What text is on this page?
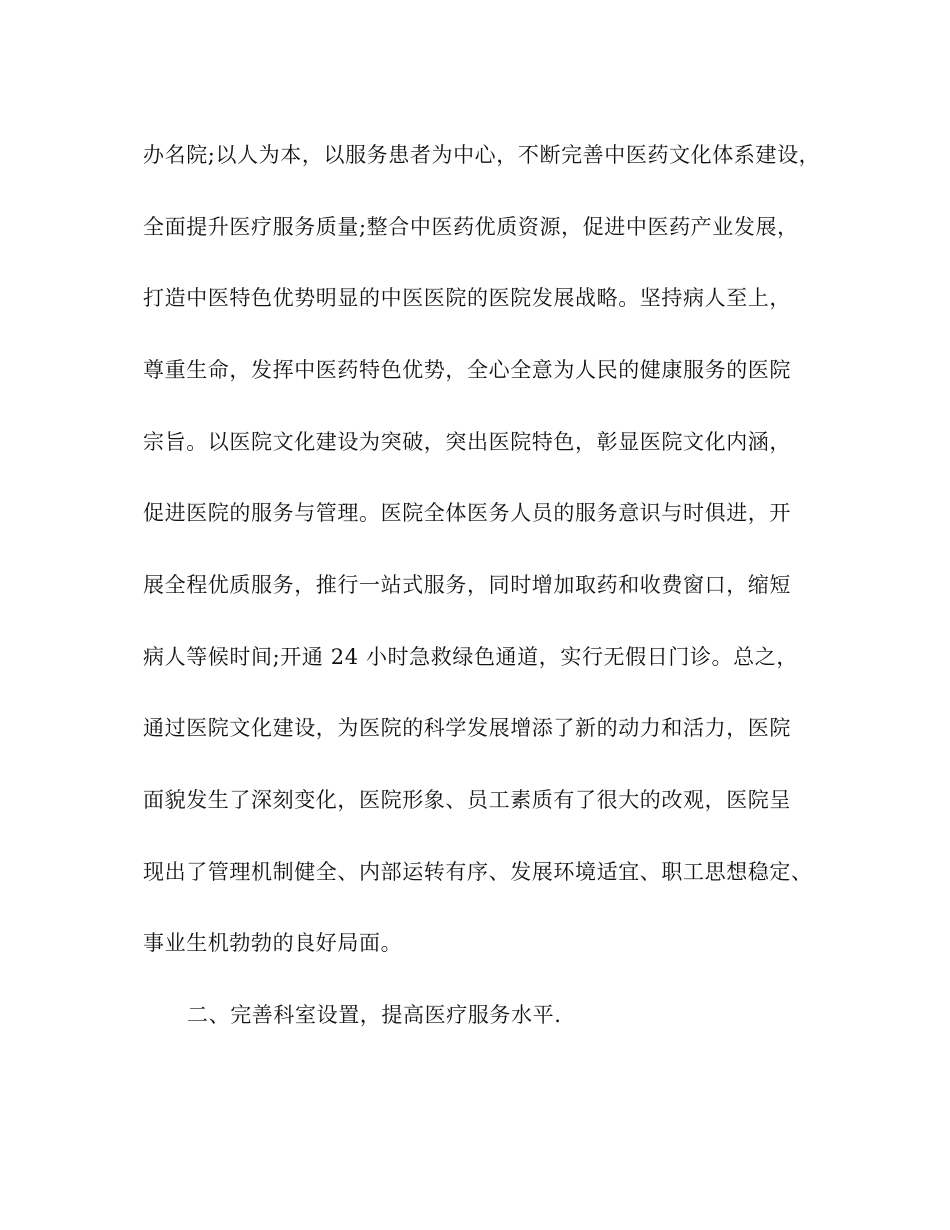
办名院;以人为本，以服务患者为中心，不断完善中医药文化体系建设，
全面提升医疗服务质量;整合中医药优质资源，促进中医药产业发展，
打造中医特色优势明显的中医医院的医院发展战略。坚持病人至上，
尊重生命，发挥中医药特色优势，全心全意为人民的健康服务的医院
宗旨。以医院文化建设为突破，突出医院特色，彰显医院文化内涵，
促进医院的服务与管理。医院全体医务人员的服务意识与时俱进，开
展全程优质服务，推行一站式服务，同时增加取药和收费窗口，缩短
病人等候时间;开通 24 小时急救绿色通道，实行无假日门诊。总之，
通过医院文化建设，为医院的科学发展增添了新的动力和活力，医院
面貌发生了深刻变化，医院形象、员工素质有了很大的改观，医院呈
现出了管理机制健全、内部运转有序、发展环境适宜、职工思想稳定、
事业生机勃勃的良好局面。
二、完善科室设置，提高医疗服务水平.
